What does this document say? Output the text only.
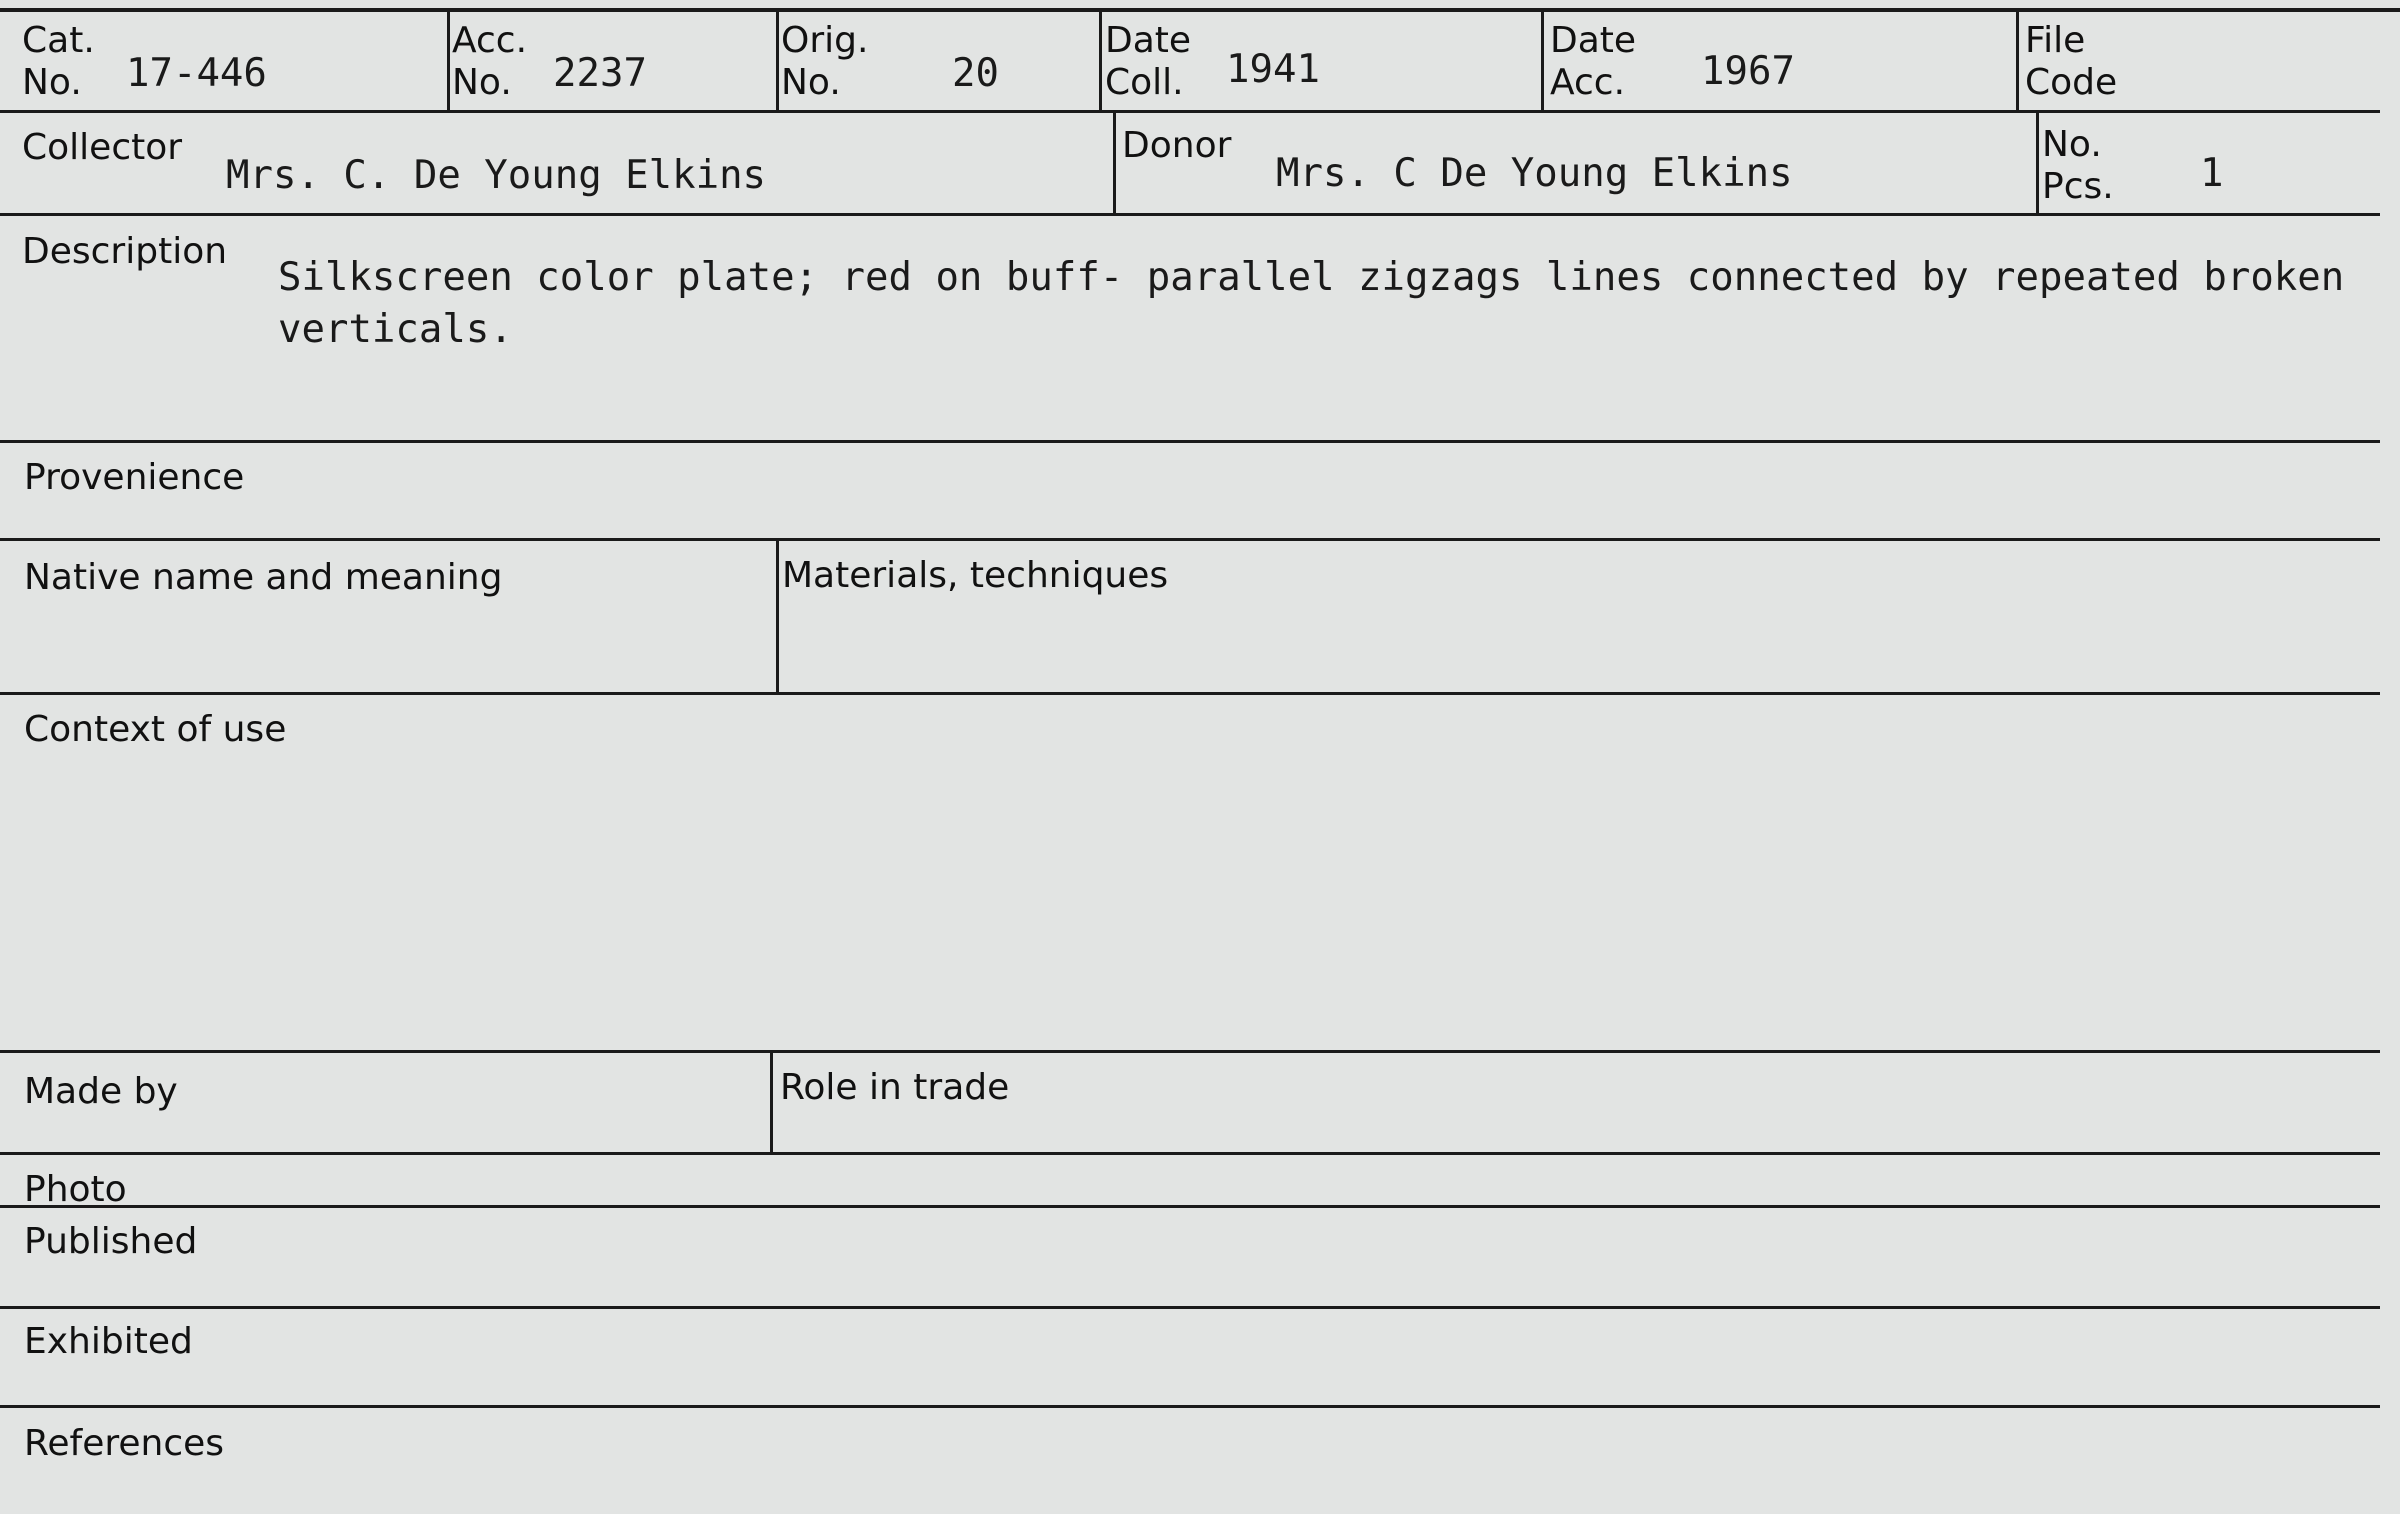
Cat.
No.	17-446
Acc.
No.	2237
Orig.
No.	20
Date
Coll. 1941
Date
Acc. 1967
File
Code
Collector
Mrs. C. De Young Elkins
Donor
Mrs. C De Young Elkins
No.
Pcs. 1
Description
Silkscreen color plate; red on buff- parallel zigzags lines connected by repeated broken verticals.
Provenience
Native name and meaning	Materials, techniques
Context of use
Made by	Role in trade
Photo
Published
Exhibited
References
